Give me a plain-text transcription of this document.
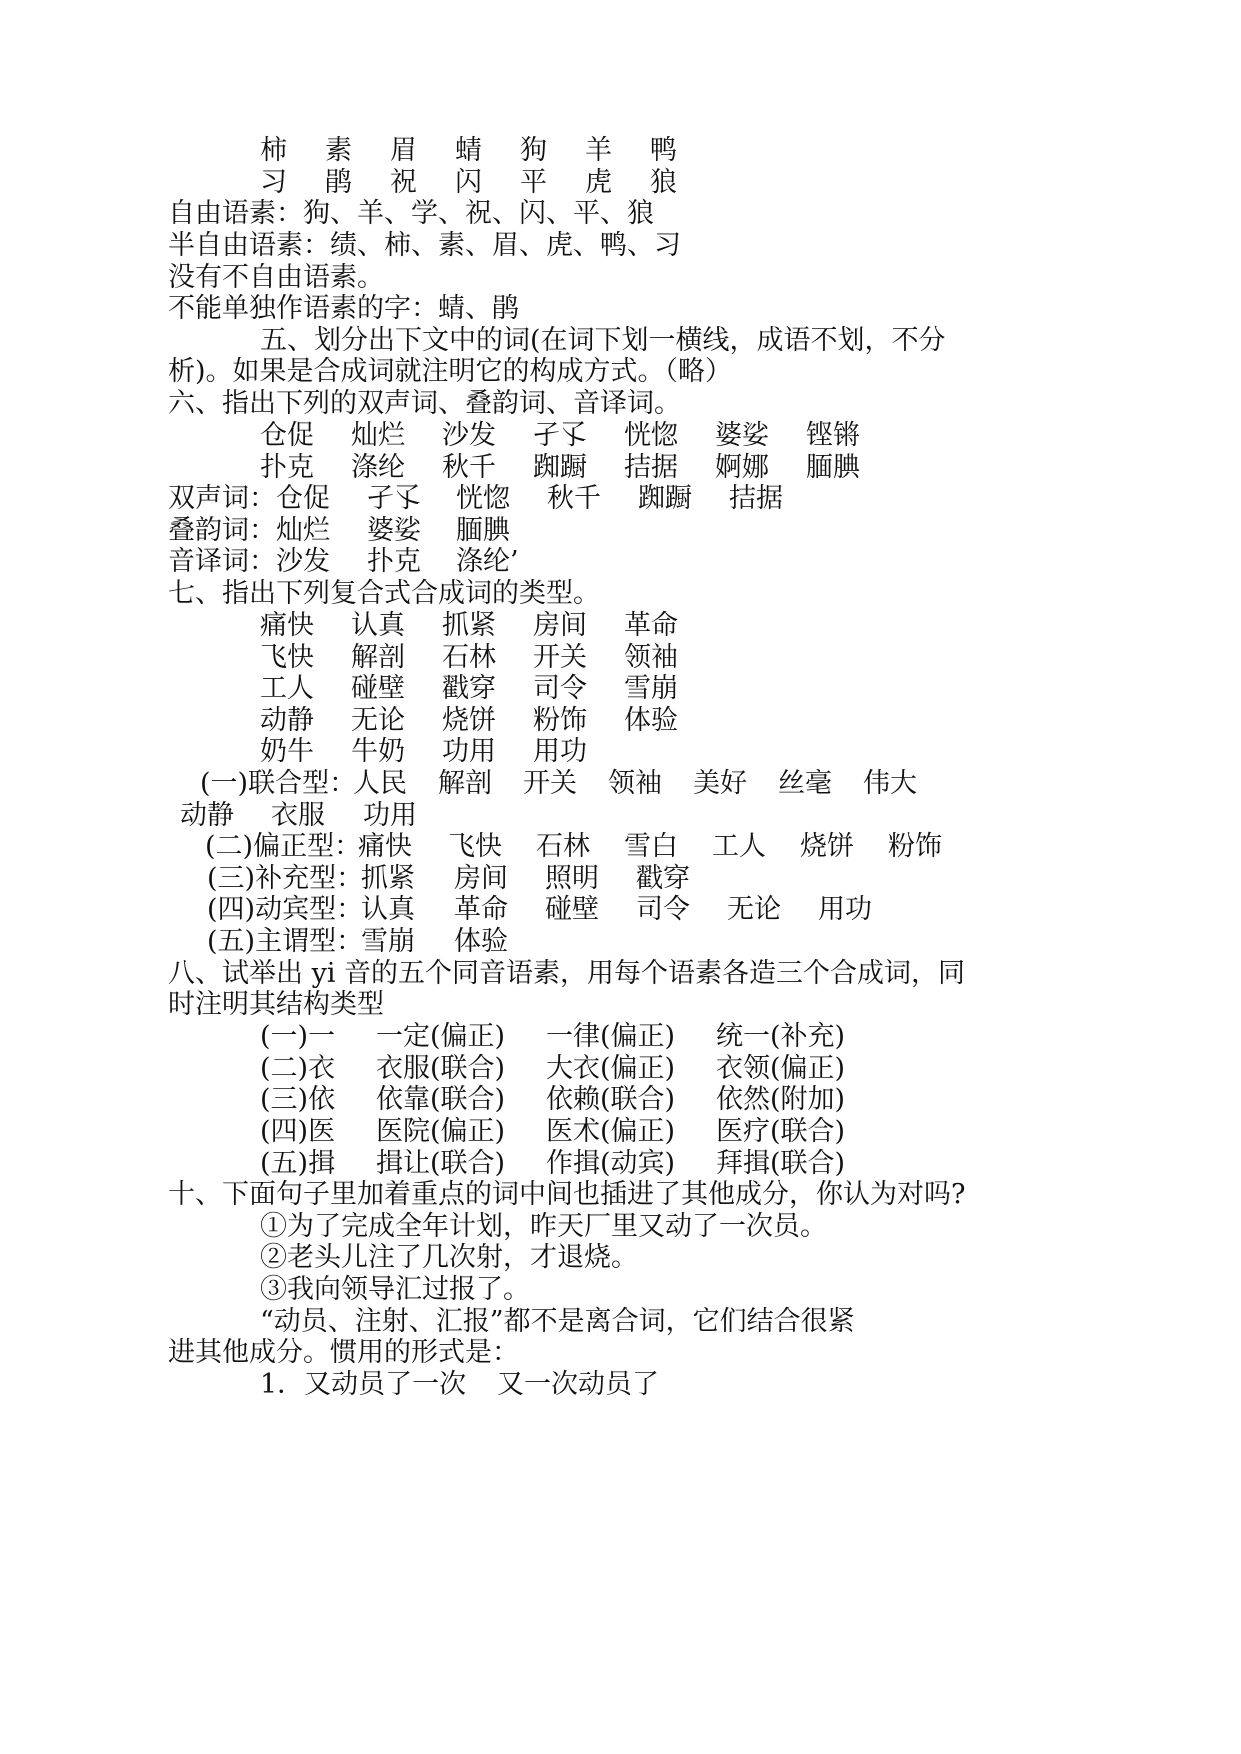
柿 素 眉 蜻 狗 羊 鸭
习 鹃 祝 闪 平 虎 狼
自由语素：狗、羊、学、祝、闪、平、狼
半自由语素：绩、柿、素、眉、虎、鸭、习
没有不自由语素。
不能单独作语素的字：蜻、鹃
五、划分出下文中的词(在词下划一横线，成语不划，不分
析)。如果是合成词就注明它的构成方式。（略）
六、指出下列的双声词、叠韵词、音译词。
仓促 灿烂 沙发 孑孓 恍惚 婆娑 铿锵
扑克 涤纶 秋千 踟蹰 拮据 婀娜 腼腆
双声词： 仓促 孑孓 恍惚 秋千 踟蹰 拮据
叠韵词： 灿烂 婆娑 腼腆
音译词： 沙发 扑克 涤纶’
七、指出下列复合式合成词的类型。
痛快 认真 抓紧 房间 革命
飞快 解剖 石林 开关 领袖
工人 碰壁 戳穿 司令 雪崩
动静 无论 烧饼 粉饰 体验
奶牛 牛奶 功用 用功
(一)联合型：
人民 解剖 开关 领袖 美好 丝毫 伟大
动静 衣服 功用
(二)偏正型：
痛快 飞快 石林 雪白 工人 烧饼 粉饰
(三)补充型：
抓紧 房间 照明 戳穿
(四)动宾型：
认真 革命 碰壁 司令 无论 用功
(五)主谓型：
雪崩 体验
八、试举出 yi 音的五个同音语素，用每个语素各造三个合成词，同
时注明其结构类型
(一)一 一定(偏正) 一律(偏正) 统一(补充)
(二)衣 衣服(联合) 大衣(偏正) 衣领(偏正)
(三)依 依靠(联合) 依赖(联合) 依然(附加)
(四)医 医院(偏正) 医术(偏正) 医疗(联合)
(五)揖 揖让(联合) 作揖(动宾) 拜揖(联合)
十、下面句子里加着重点的词中间也插进了其他成分，你认为对吗?
①为了完成全年计划，昨天厂里又动了一次员。
②老头儿注了几次射，才退烧。
③我向领导汇过报了。
“动员、注射、汇报”都不是离合词，它们结合很紧
进其他成分。惯用的形式是：
1．又动员了一次 又一次动员了
